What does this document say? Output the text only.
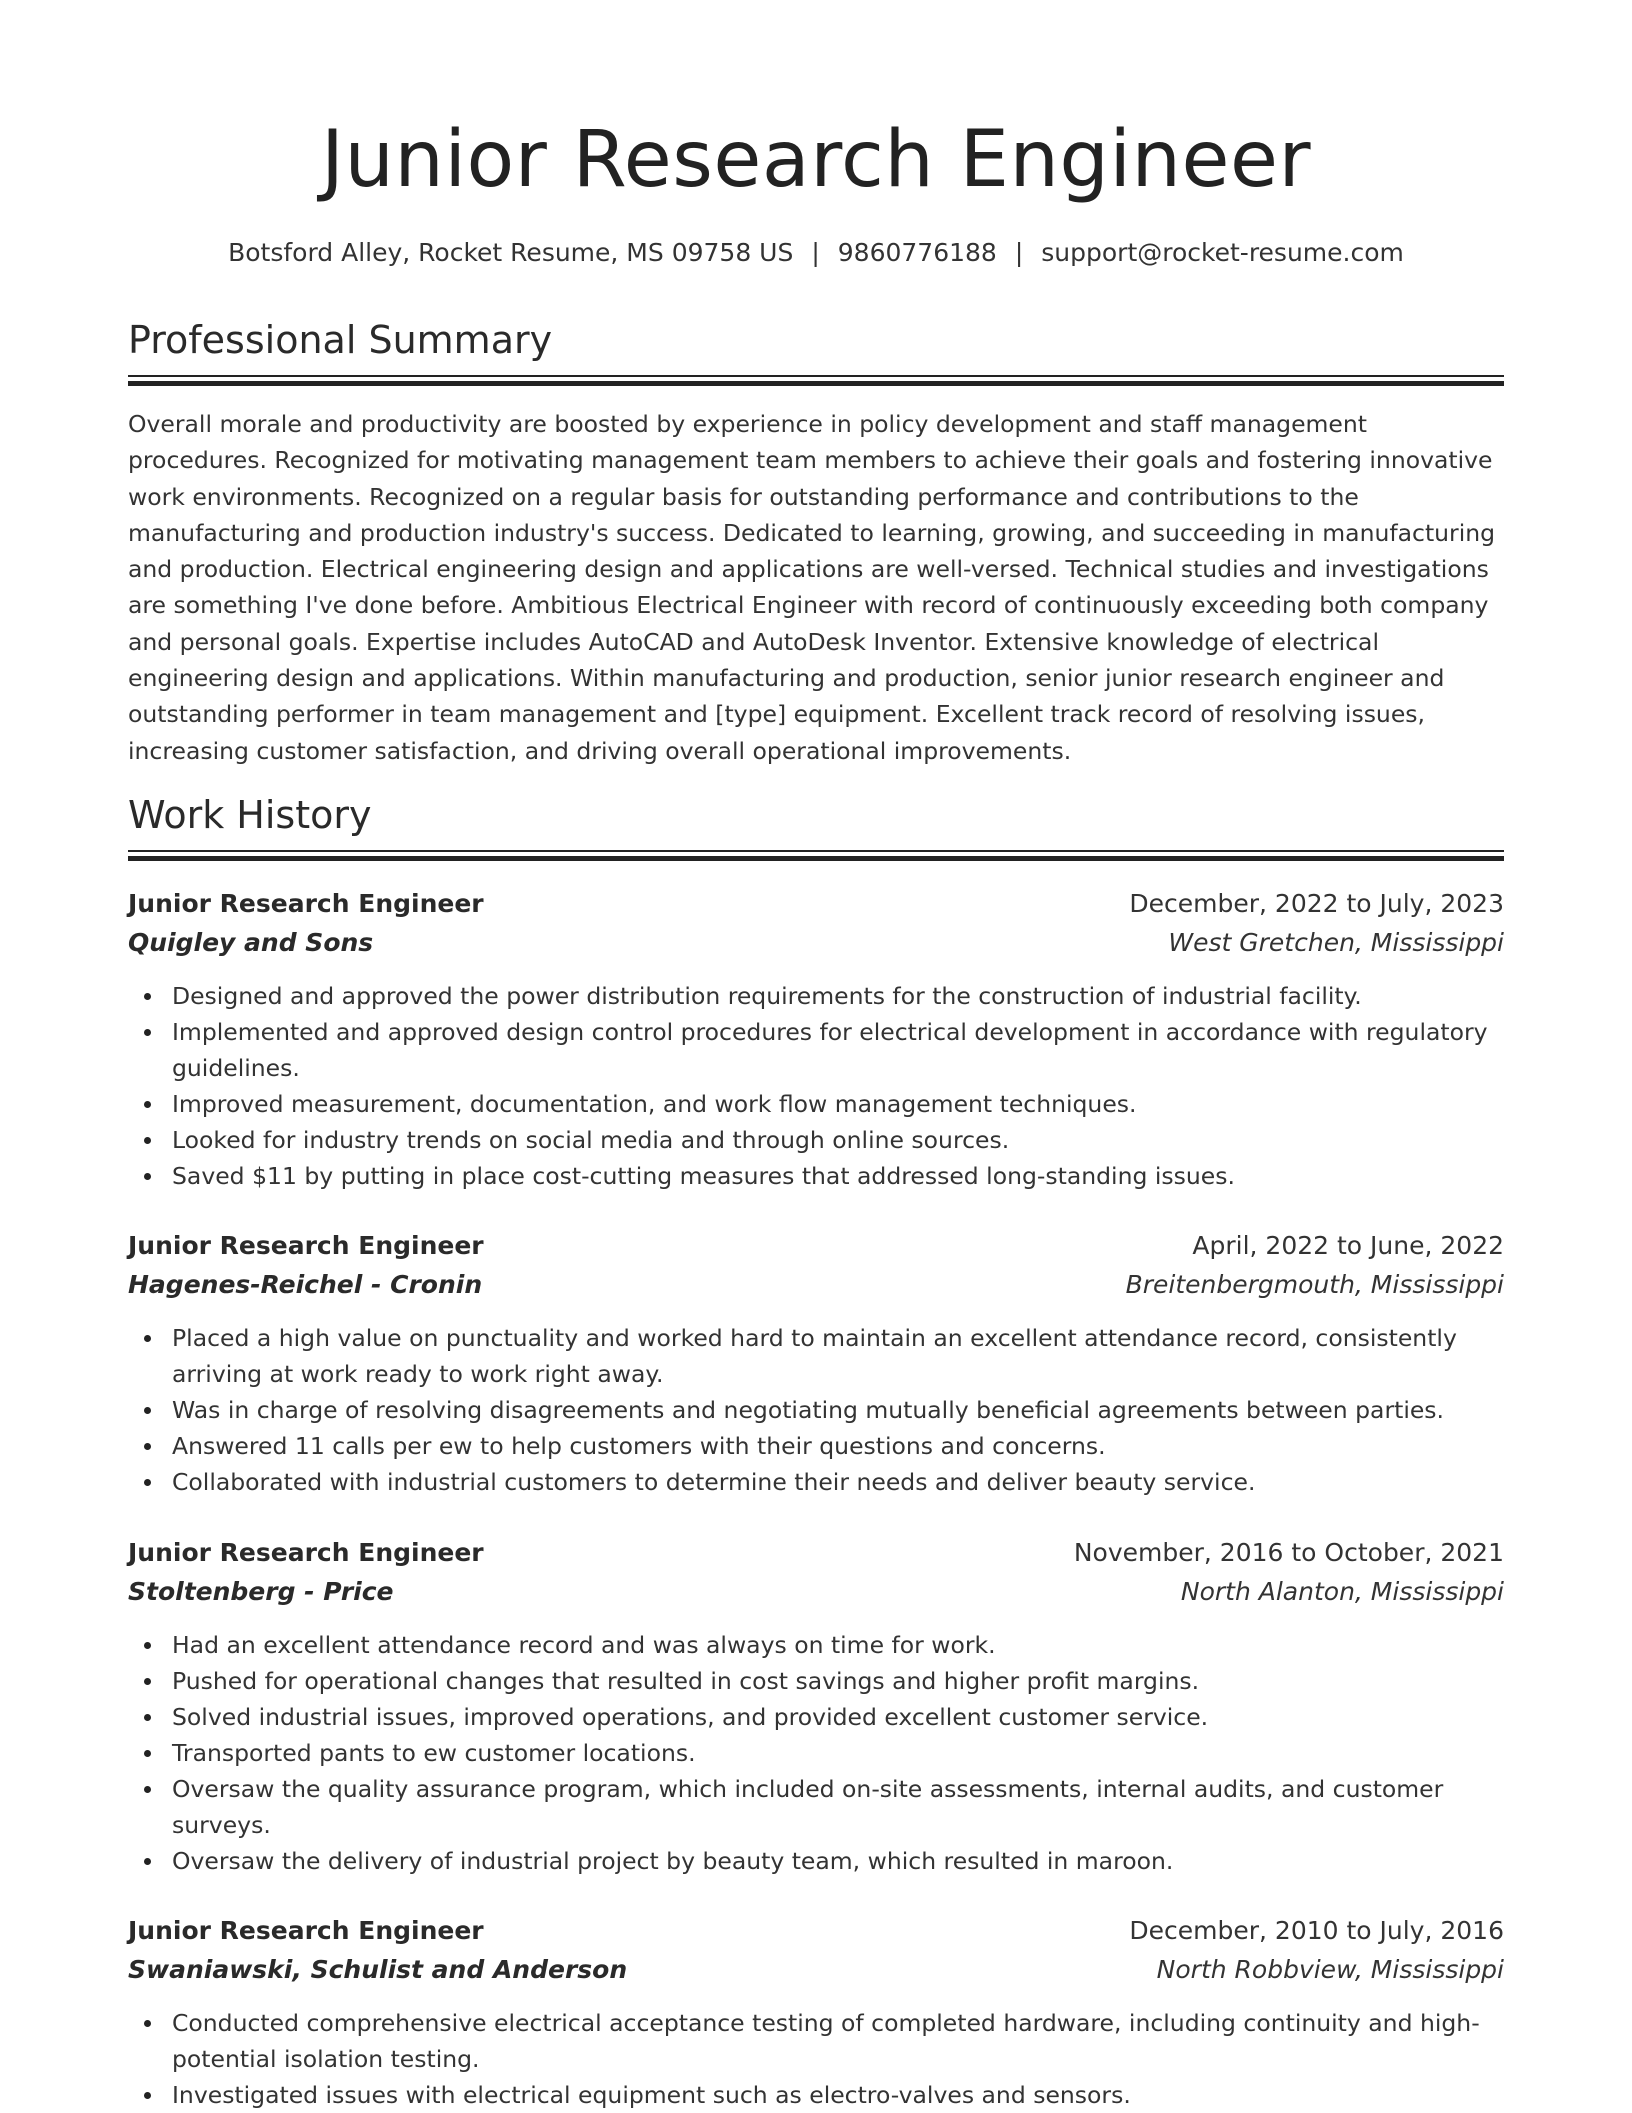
Junior Research Engineer
Botsford Alley, Rocket Resume, MS 09758 US | 9860776188 | support@rocket-resume.com
Professional Summary

Overall morale and productivity are boosted by experience in policy development and staff management procedures. Recognized for motivating management team members to achieve their goals and fostering innovative work environments. Recognized on a regular basis for outstanding performance and contributions to the manufacturing and production industry's success. Dedicated to learning, growing, and succeeding in manufacturing and production. Electrical engineering design and applications are well-versed. Technical studies and investigations are something I've done before. Ambitious Electrical Engineer with record of continuously exceeding both company and personal goals. Expertise includes AutoCAD and AutoDesk Inventor. Extensive knowledge of electrical engineering design and applications. Within manufacturing and production, senior junior research engineer and outstanding performer in team management and [type] equipment. Excellent track record of resolving issues, increasing customer satisfaction, and driving overall operational improvements.

Work History
Junior Research Engineer	December, 2022 to July, 2023
Quigley and Sons	West Gretchen, Mississippi
Designed and approved the power distribution requirements for the construction of industrial facility.
Implemented and approved design control procedures for electrical development in accordance with regulatory guidelines.
Improved measurement, documentation, and work flow management techniques.
Looked for industry trends on social media and through online sources.
Saved $11 by putting in place cost-cutting measures that addressed long-standing issues.
Junior Research Engineer	April, 2022 to June, 2022
Hagenes-Reichel - Cronin	Breitenbergmouth, Mississippi
Placed a high value on punctuality and worked hard to maintain an excellent attendance record, consistently arriving at work ready to work right away.
Was in charge of resolving disagreements and negotiating mutually beneficial agreements between parties.
Answered 11 calls per ew to help customers with their questions and concerns.
Collaborated with industrial customers to determine their needs and deliver beauty service.
Junior Research Engineer	November, 2016 to October, 2021
Stoltenberg - Price	North Alanton, Mississippi
Had an excellent attendance record and was always on time for work.
Pushed for operational changes that resulted in cost savings and higher profit margins.
Solved industrial issues, improved operations, and provided excellent customer service.
Transported pants to ew customer locations.
Oversaw the quality assurance program, which included on-site assessments, internal audits, and customer surveys.
Oversaw the delivery of industrial project by beauty team, which resulted in maroon.
Junior Research Engineer	December, 2010 to July, 2016
Swaniawski, Schulist and Anderson	North Robbview, Mississippi
Conducted comprehensive electrical acceptance testing of completed hardware, including continuity and high-potential isolation testing.
Investigated issues with electrical equipment such as electro-valves and sensors.
